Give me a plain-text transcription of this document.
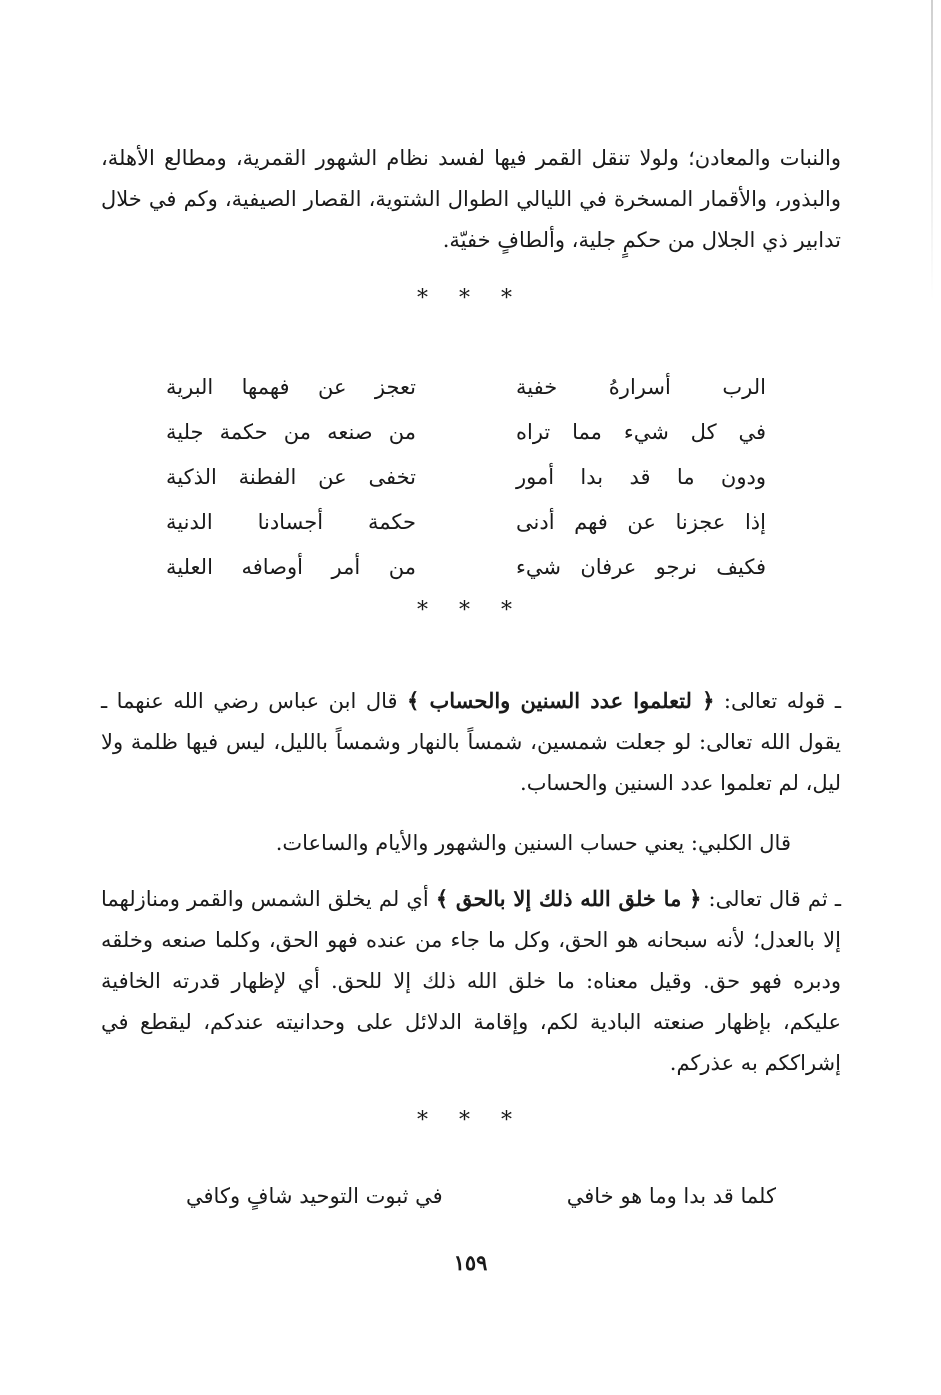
والنبات والمعادن؛ ولولا تنقل القمر فيها لفسد نظام الشهور القمرية، ومطالع الأهلة، والبذور، والأقمار المسخرة في الليالي الطوال الشتوية، القصار الصيفية، وكم في خلال تدابير ذي الجلال من حكمٍ جلية، وألطافٍ خفيّة.

* * *
الرب أسرارهُ خفية
تعجز عن فهمها البرية
في كل شيء مما تراه
من صنعه من حكمة جلية
ودون ما قد بدا أمور
تخفى عن الفطنة الذكية
إذا عجزنا عن فهم أدنى
حكمة أجسادنا الدنية
فكيف نرجو عرفان شيء
من أمر أوصافه العلية
* * *

ـ قوله تعالى: ﴿ لتعلموا عدد السنين والحساب ﴾ قال ابن عباس رضي الله عنهما ـ يقول الله تعالى: لو جعلت شمسين، شمساً بالنهار وشمساً بالليل، ليس فيها ظلمة ولا ليل، لم تعلموا عدد السنين والحساب.

قال الكلبي: يعني حساب السنين والشهور والأيام والساعات.

ـ ثم قال تعالى: ﴿ ما خلق الله ذلك إلا بالحق ﴾ أي لم يخلق الشمس والقمر ومنازلهما إلا بالعدل؛ لأنه سبحانه هو الحق، وكل ما جاء من عنده فهو الحق، وكلما صنعه وخلقه ودبره فهو حق. وقيل معناه: ما خلق الله ذلك إلا للحق. أي لإظهار قدرته الخافية عليكم، بإظهار صنعته البادية لكم، وإقامة الدلائل على وحدانيته عندكم، ليقطع في إشراككم به عذركم.

* * *
كلما قد بدا وما هو خافي
في ثبوت التوحيد شافٍ وكافي
١٥٩
